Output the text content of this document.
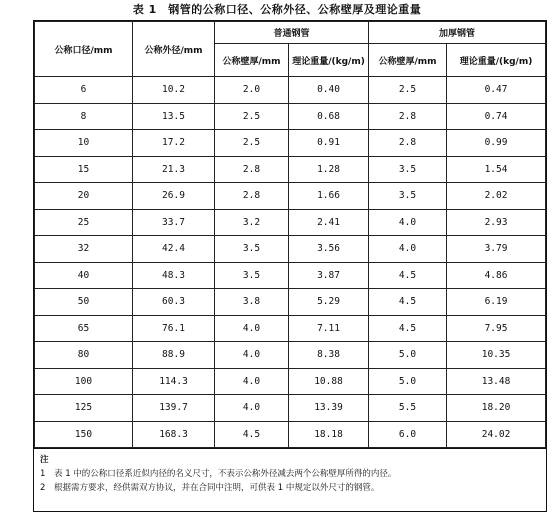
表 1　钢管的公称口径、公称外径、公称壁厚及理论重量
公称口径/mm	公称外径/mm	普通钢管		加厚钢管	
		公称壁厚/mm	理论重量/(kg/m)	公称壁厚/mm	理论重量/(kg/m)
6	10.2	2.0	0.40	2.5	0.47
8	13.5	2.5	0.68	2.8	0.74
10	17.2	2.5	0.91	2.8	0.99
15	21.3	2.8	1.28	3.5	1.54
20	26.9	2.8	1.66	3.5	2.02
25	33.7	3.2	2.41	4.0	2.93
32	42.4	3.5	3.56	4.0	3.79
40	48.3	3.5	3.87	4.5	4.86
50	60.3	3.8	5.29	4.5	6.19
65	76.1	4.0	7.11	4.5	7.95
80	88.9	4.0	8.38	5.0	10.35
100	114.3	4.0	10.88	5.0	13.48
125	139.7	4.0	13.39	5.5	18.20
150	168.3	4.5	18.18	6.0	24.02
注
1 表 1 中的公称口径系近似内径的名义尺寸，不表示公称外径减去两个公称壁厚所得的内径。
2 根据需方要求，经供需双方协议，并在合同中注明，可供表 1 中规定以外尺寸的钢管。
